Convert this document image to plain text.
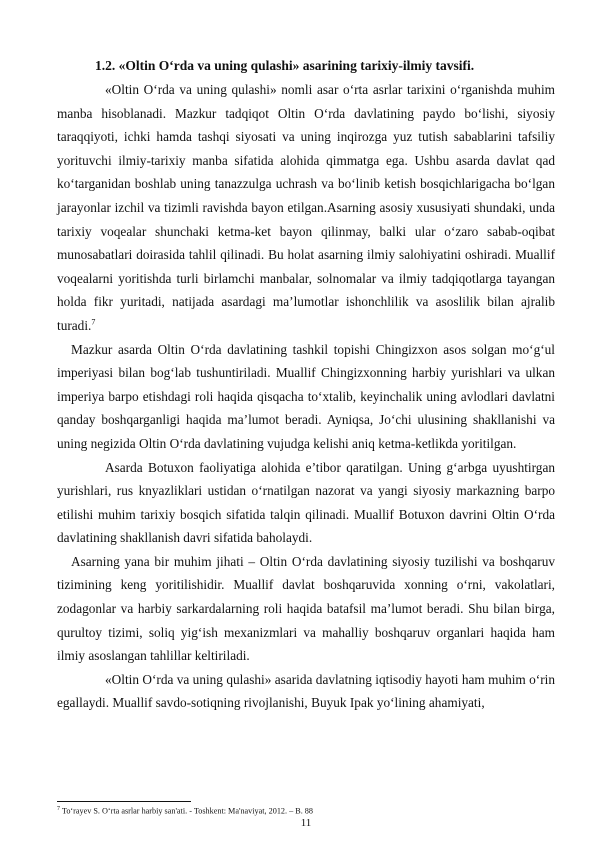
1.2. «Oltin O‘rda va uning qulashi» asarining tarixiy-ilmiy tavsifi.

«Oltin O‘rda va uning qulashi» nomli asar o‘rta asrlar tarixini o‘rganishda muhim manba hisoblanadi. Mazkur tadqiqot Oltin O‘rda davlatining paydo bo‘lishi, siyosiy taraqqiyoti, ichki hamda tashqi siyosati va uning inqirozga yuz tutish sabablarini tafsiliy yorituvchi ilmiy-tarixiy manba sifatida alohida qimmatga ega. Ushbu asarda davlat qad ko‘targanidan boshlab uning tanazzulga uchrash va bo‘linib ketish bosqichlarigacha bo‘lgan jarayonlar izchil va tizimli ravishda bayon etilgan.Asarning asosiy xususiyati shundaki, unda tarixiy voqealar shunchaki ketma-ket bayon qilinmay, balki ular o‘zaro sabab-oqibat munosabatlari doirasida tahlil qilinadi. Bu holat asarning ilmiy salohiyatini oshiradi. Muallif voqealarni yoritishda turli birlamchi manbalar, solnomalar va ilmiy tadqiqotlarga tayangan holda fikr yuritadi, natijada asardagi ma’lumotlar ishonchlilik va asoslilik bilan ajralib turadi.$^7$

Mazkur asarda Oltin O‘rda davlatining tashkil topishi Chingizxon asos solgan mo‘g‘ul imperiyasi bilan bog‘lab tushuntiriladi. Muallif Chingizxonning harbiy yurishlari va ulkan imperiya barpo etishdagi roli haqida qisqacha to‘xtalib, keyinchalik uning avlodlari davlatni qanday boshqarganligi haqida ma’lumot beradi. Ayniqsa, Jo‘chi ulusining shakllanishi va uning negizida Oltin O‘rda davlatining vujudga kelishi aniq ketma-ketlikda yoritilgan.

Asarda Botuxon faoliyatiga alohida e’tibor qaratilgan. Uning g‘arbga uyushtirgan yurishlari, rus knyazliklari ustidan o‘rnatilgan nazorat va yangi siyosiy markazning barpo etilishi muhim tarixiy bosqich sifatida talqin qilinadi. Muallif Botuxon davrini Oltin O‘rda davlatining shakllanish davri sifatida baholaydi.

Asarning yana bir muhim jihati – Oltin O‘rda davlatining siyosiy tuzilishi va boshqaruv tizimining keng yoritilishidir. Muallif davlat boshqaruvida xonning o‘rni, vakolatlari, zodagonlar va harbiy sarkardalarning roli haqida batafsil ma’lumot beradi. Shu bilan birga, qurultoy tizimi, soliq yig‘ish mexanizmlari va mahalliy boshqaruv organlari haqida ham ilmiy asoslangan tahlillar keltiriladi.

«Oltin O‘rda va uning qulashi» asarida davlatning iqtisodiy hayoti ham muhim o‘rin egallaydi. Muallif savdo-sotiqning rivojlanishi, Buyuk Ipak yo‘lining ahamiyati,

$^7$ To‘rayev S. O‘rta asrlar harbiy san'ati. - Toshkent: Ma'naviyat, 2012. – B. 88
11
